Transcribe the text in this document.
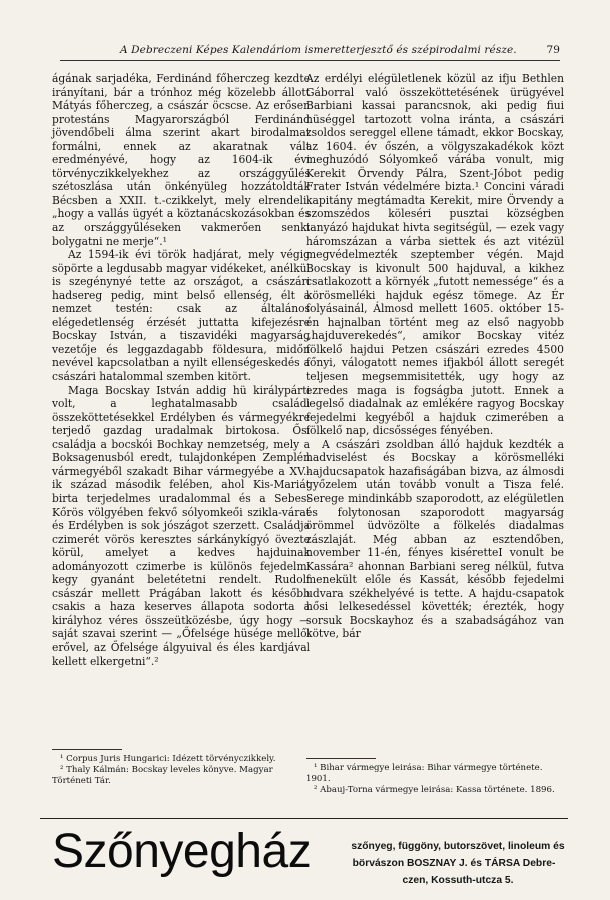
A Debreczeni Képes Kalendáriom ismeretterjesztő és szépirodalmi része.	79

ágának sarjadéka, Ferdinánd főherczeg kezdte irányítani, bár a trónhoz még közelebb állott Mátyás főherczeg, a császár öcscse. Az erősen protestáns Magyarországból Ferdinánd jövendőbeli álma szerint akart birodalmat formálni, ennek az akaratnak vált eredményévé, hogy az 1604-ik évi törvényczikkelyekhez az országgyűlés szétoszlása után önkényüleg hozzátoldták Bécsben a XXII. t.-czikkelyt, mely elrendeli: „hogy a vallás ügyét a köztanácskozásokban és az országgyűléseken vakmerően senki bolygatni ne merje“.¹

Az 1594-ik évi török hadjárat, mely végig söpörte a legdusabb magyar vidékeket, anélkül is szegénynyé tette az országot, a császári hadsereg pedig, mint belső ellenség, élt a nemzet testén: csak az általános elégedetlenség érzését juttatta kifejezésre Bocskay István, a tiszavidéki magyarság vezetője és leggazdagabb földesura, midőn nevével kapcsolatban a nyilt ellenségeskedés a császári hatalommal szemben kitört.

Maga Bocskay István addig hü királypárti volt, a leghatalmasabb családi összeköttetésekkel Erdélyben és vármegyékre terjedő gazdag uradalmak birtokosa. Ősi családja a bocskói Bochkay nemzetség, mely a Boksagenusból eredt, tulajdonképen Zemplén vármegyéből szakadt Bihar vármegyébe a XV.-ik század második felében, ahol Kis-Mariát birta terjedelmes uradalommal és a Sebes-Kőrös völgyében fekvő sólyomkeői szikla-várat és Erdélyben is sok jószágot szerzett. Családja czimerét vörös keresztes sárkánykígyó övezte körül, amelyet a kedves hajduinak adományozott czimerbe is különös fejedelmi kegy gyanánt beletétetni rendelt. Rudolf császár mellett Prágában lakott és később csakis a haza keserves állapota sodorta a királyhoz véres összeütközésbe, úgy hogy — saját szavai szerint — „Őfelsége hüsége mellől erővel, az Őfelsége álgyuival és éles kardjával kellett elkergetni“.²

Az erdélyi elégületlenek közül az ifju Bethlen Gáborral való összeköttetésének ürügyével Barbiani kassai parancsnok, aki pedig fiui hüséggel tartozott volna iránta, a császári zsoldos sereggel ellene támadt, ekkor Bocskay, az 1604. év őszén, a völgyszakadékok közt meghuzódó Sólyomkeő várába vonult, mig Kerekit Örvendy Pálra, Szent-Jóbot pedig Frater István védelmére bizta.¹ Concini váradi kapitány megtámadta Kerekit, mire Örvendy a szomszédos köleséri pusztai községben tanyázó hajdukat hivta segitségül, — ezek vagy háromszázan a várba siettek és azt vitézül megvédelmezték szeptember végén. Majd Bocskay is kivonult 500 hajduval, a kikhez csatlakozott a környék „futott nemessége“ és a körösmelléki hajduk egész tömege. Az Ér folyásainál, Álmosd mellett 1605. október 15-én hajnalban történt meg az első nagyobb „hajduverekedés“, amikor Bocskay vitéz fölkelő hajdui Petzen császári ezredes 4500 főnyi, válogatott nemes ifjakból állott seregét teljesen megsemmisitették, ugy hogy az ezredes maga is fogságba jutott. Ennek a legelső diadalnak az emlékére ragyog Bocskay fejedelmi kegyéből a hajduk czimerében a fölkelő nap, dicsősséges fényében.

A császári zsoldban álló hajduk kezdték a hadviselést és Bocskay a körösmelléki hajducsapatok hazafiságában bizva, az álmosdi győzelem után tovább vonult a Tisza felé. Serege mindinkább szaporodott, az elégületlen és folytonosan szaporodott magyarság örömmel üdvözölte a fölkelés diadalmas zászlaját. Még abban az esztendőben, november 11-én, fényes kiséretteI vonult be Kassára² ahonnan Barbiani sereg nélkül, futva menekült előle és Kassát, később fejedelmi udvara székhelyévé is tette. A hajdu-csapatok hősi lelkesedéssel követték; érezték, hogy sorsuk Bocskayhoz és a szabadságához van kötve, bár

¹ Corpus Juris Hungarici: Idézett törvényczikkely.

² Thaly Kálmán: Bocskay leveles könyve. Magyar Történeti Tár.

¹ Bihar vármegye leirása: Bihar vármegye története. 1901.

² Abauj-Torna vármegye leirása: Kassa története. 1896.

Szőnyegház	szőnyeg, függöny, butorszövet, linoleum és
börvászon BOSZNAY J. és TÁRSA Debre-
czen, Kossuth-utcza 5.
